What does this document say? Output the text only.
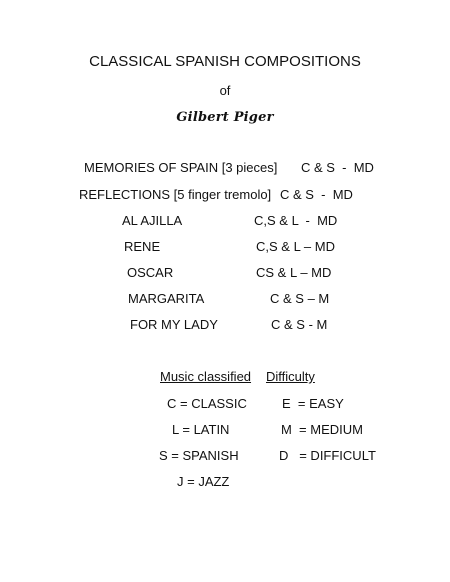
CLASSICAL SPANISH COMPOSITIONS
of
Gilbert Piger
MEMORIES OF SPAIN [3 pieces] C & S  -  MD
REFLECTIONS [5 finger tremolo] C & S  -  MD
AL AJILLA	C,S & L  -  MD
RENE	C,S & L – MD
OSCAR	CS & L – MD
MARGARITA	C & S – M
FOR MY LADY	C & S - M
Music classified Difficulty
C = CLASSIC	E  = EASY
L = LATIN	M  = MEDIUM
S = SPANISH	D   = DIFFICULT
J = JAZZ
